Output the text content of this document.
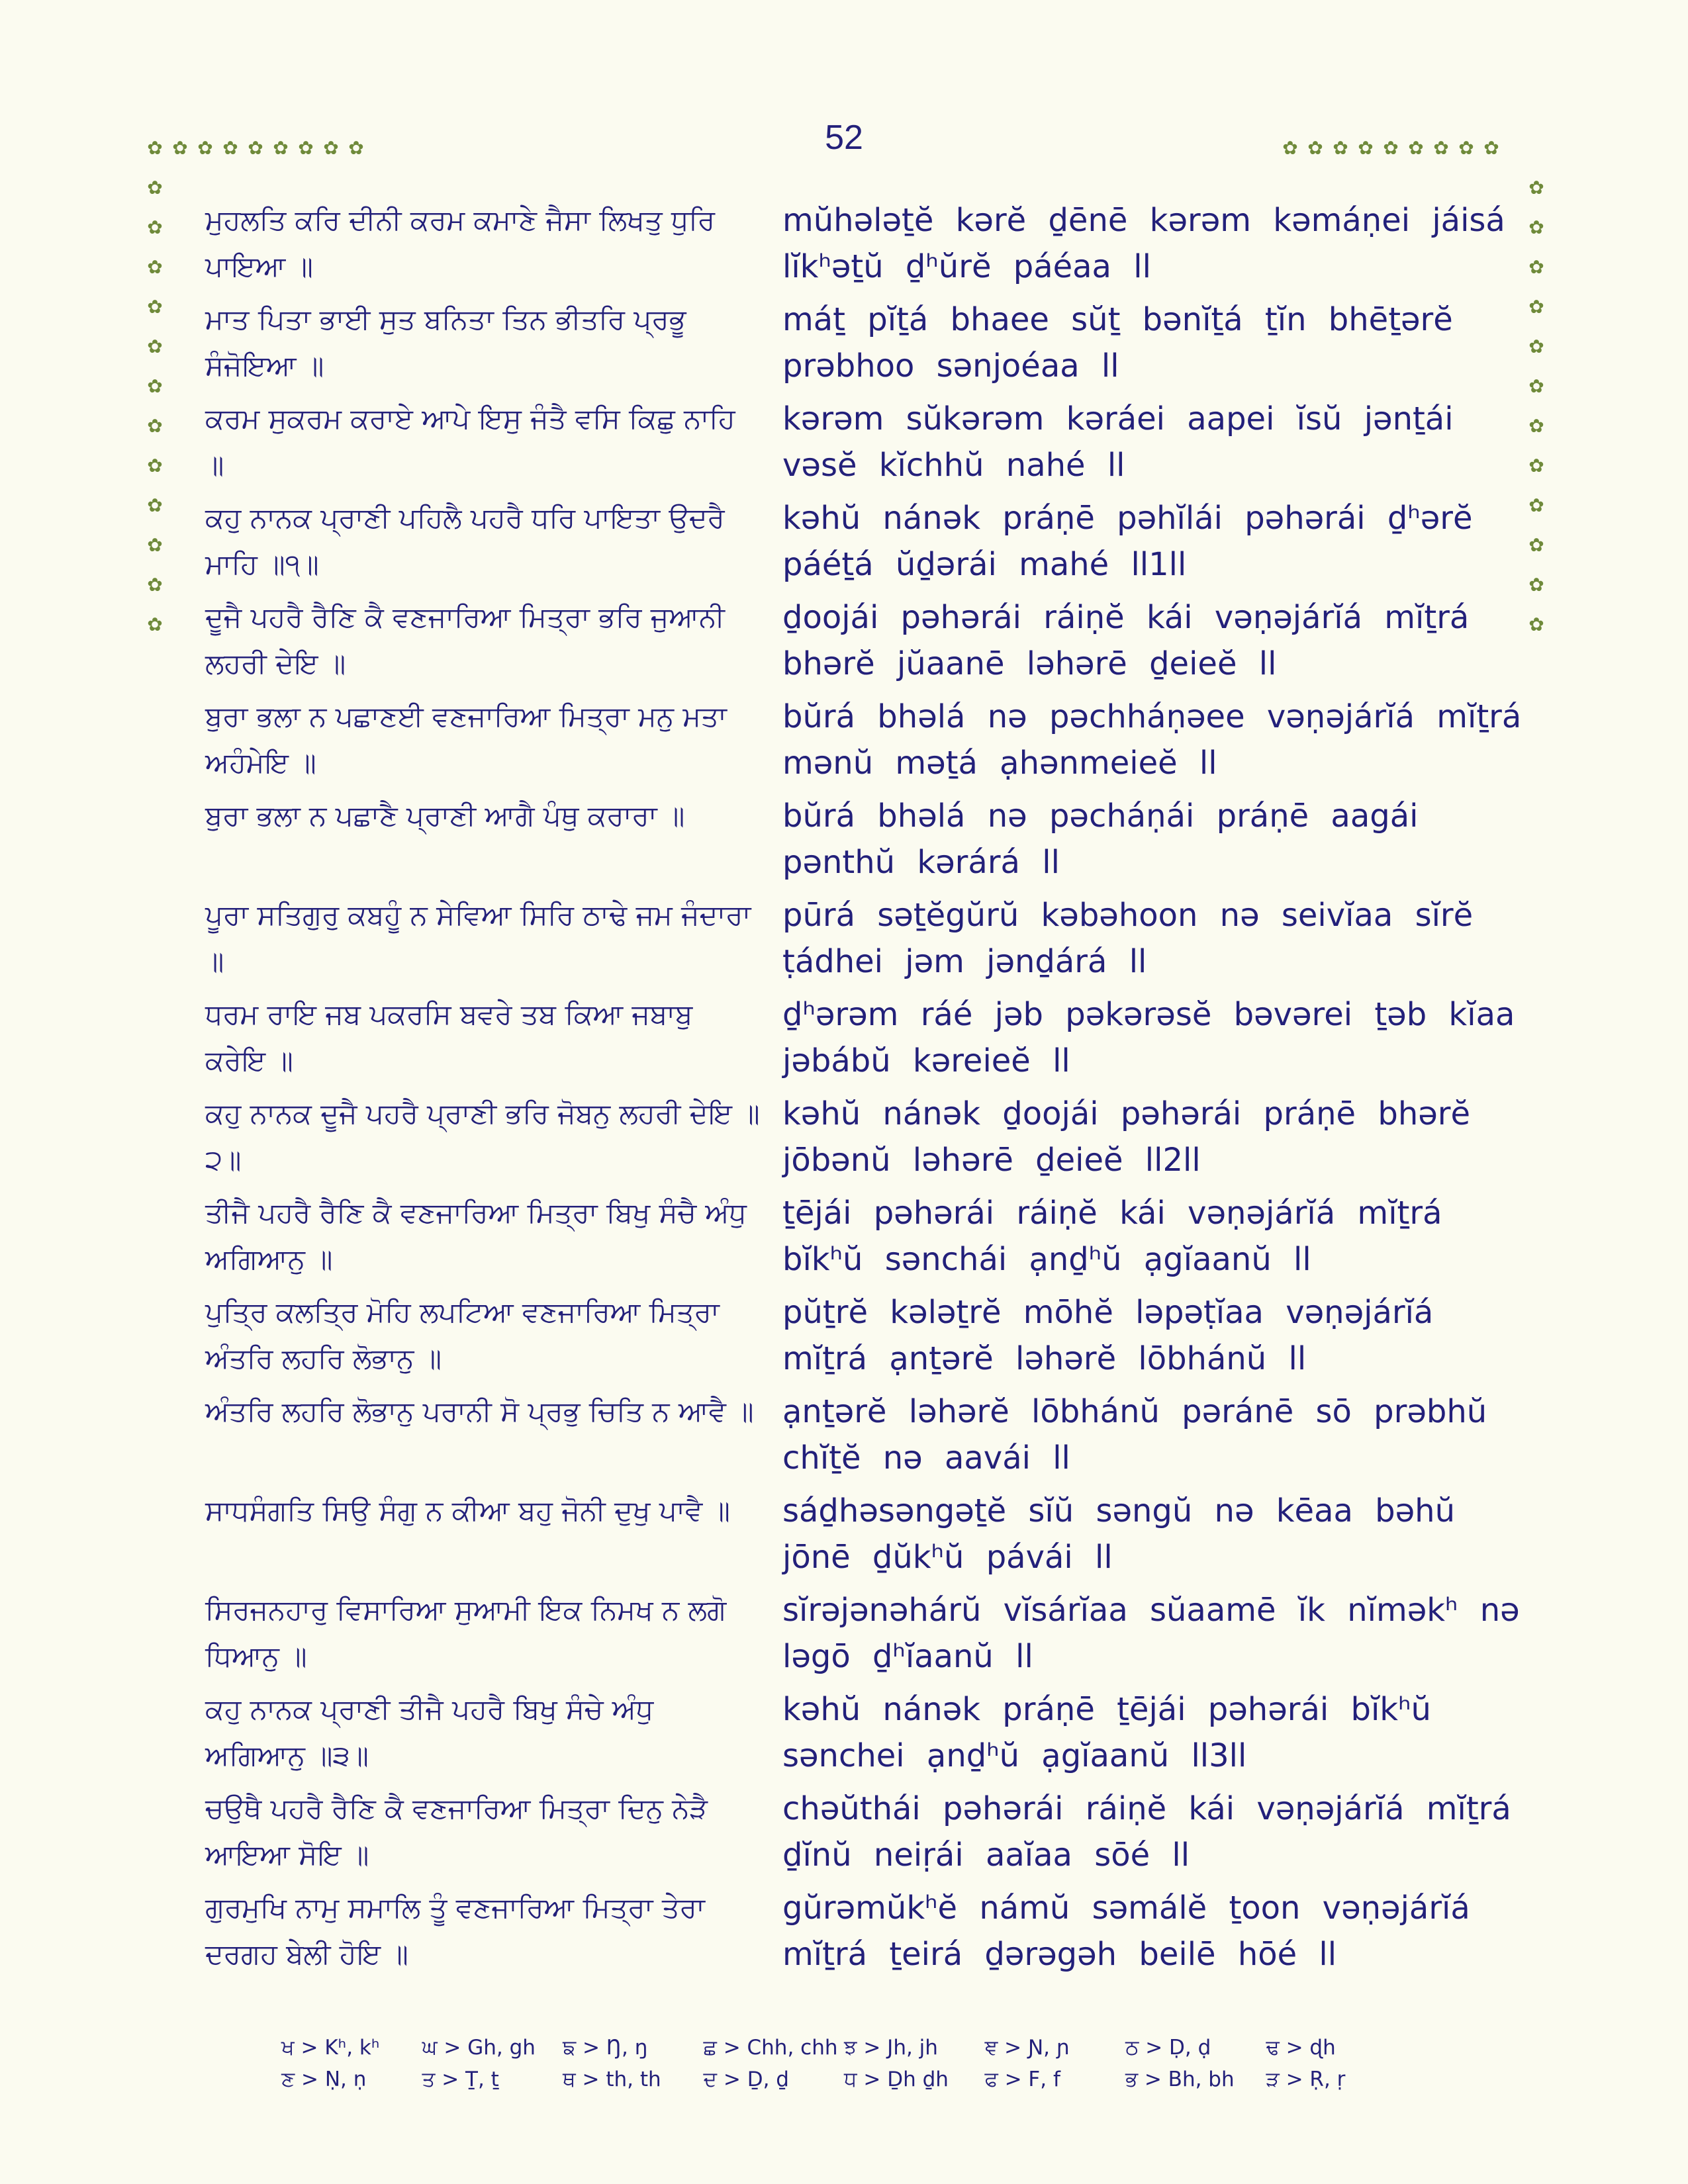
52
✿ ✿ ✿ ✿ ✿ ✿ ✿ ✿ ✿	✿ ✿ ✿ ✿ ✿ ✿ ✿ ✿ ✿
✿
✿
✿
✿
✿
✿
✿
✿
✿
✿
✿
✿
✿
✿
✿
✿
✿
✿
✿
✿
✿
✿
✿
✿
ਮੁਹਲਤਿ ਕਰਿ ਦੀਨੀ ਕਰਮ ਕਮਾਣੇ ਜੈਸਾ ਲਿਖਤੁ ਧੁਰਿ ਪਾਇਆ ॥
mŭhələṯĕ kərĕ ḏēnē kərəm kəmáṇei jáisá lĭkʰəṯŭ ḏʰŭrĕ páéaa ll
ਮਾਤ ਪਿਤਾ ਭਾਈ ਸੁਤ ਬਨਿਤਾ ਤਿਨ ਭੀਤਰਿ ਪ੍ਰਭੂ ਸੰਜੋਇਆ ॥
máṯ pĭṯá bhaee sŭṯ bənĭṯá ṯĭn bhēṯərĕ prəbhoo sənjoéaa ll
ਕਰਮ ਸੁਕਰਮ ਕਰਾਏ ਆਪੇ ਇਸੁ ਜੰਤੈ ਵਸਿ ਕਿਛੁ ਨਾਹਿ ॥
kərəm sŭkərəm kəráei aapei ĭsŭ jənṯái vəsĕ kĭchhŭ nahé ll
ਕਹੁ ਨਾਨਕ ਪ੍ਰਾਣੀ ਪਹਿਲੈ ਪਹਰੈ ਧਰਿ ਪਾਇਤਾ ਉਦਰੈ ਮਾਹਿ ॥੧॥
kəhŭ nánək práṇē pəhĭlái pəhərái ḏʰərĕ páéṯá ŭḏərái mahé ll1ll
ਦੂਜੈ ਪਹਰੈ ਰੈਣਿ ਕੈ ਵਣਜਾਰਿਆ ਮਿਤ੍ਰਾ ਭਰਿ ਜੁਆਨੀ ਲਹਰੀ ਦੇਇ ॥
ḏoojái pəhərái ráiṇĕ kái vəṇəjárĭá mĭṯrá bhərĕ jŭaanē ləhərē ḏeieĕ ll
ਬੁਰਾ ਭਲਾ ਨ ਪਛਾਣਈ ਵਣਜਾਰਿਆ ਮਿਤ੍ਰਾ ਮਨੁ ਮਤਾ ਅਹੰਮੇਇ ॥
bŭrá bhəlá nə pəchháṇəee vəṇəjárĭá mĭṯrá mənŭ məṯá ạhənmeieĕ ll
ਬੁਰਾ ਭਲਾ ਨ ਪਛਾਣੈ ਪ੍ਰਾਣੀ ਆਗੈ ਪੰਥੁ ਕਰਾਰਾ ॥	bŭrá bhəlá nə pəcháṇái práṇē aagái pənthŭ kərárá ll
ਪੂਰਾ ਸਤਿਗੁਰੁ ਕਬਹੂੰ ਨ ਸੇਵਿਆ ਸਿਰਿ ਠਾਢੇ ਜਮ ਜੰਦਾਰਾ ॥
pūrá səṯĕgŭrŭ kəbəhoon nə seivĭaa sĭrĕ ṭádhei jəm jənḏárá ll
ਧਰਮ ਰਾਇ ਜਬ ਪਕਰਸਿ ਬਵਰੇ ਤਬ ਕਿਆ ਜਬਾਬੁ ਕਰੇਇ ॥
ḏʰərəm ráé jəb pəkərəsĕ bəvərei ṯəb kĭaa jəbábŭ kəreieĕ ll
ਕਹੁ ਨਾਨਕ ਦੂਜੈ ਪਹਰੈ ਪ੍ਰਾਣੀ ਭਰਿ ਜੋਬਨੁ ਲਹਰੀ ਦੇਇ ॥੨॥
kəhŭ nánək ḏoojái pəhərái práṇē bhərĕ jōbənŭ ləhərē ḏeieĕ ll2ll
ਤੀਜੈ ਪਹਰੈ ਰੈਣਿ ਕੈ ਵਣਜਾਰਿਆ ਮਿਤ੍ਰਾ ਬਿਖੁ ਸੰਚੈ ਅੰਧੁ ਅਗਿਆਨੁ ॥
ṯējái pəhərái ráiṇĕ kái vəṇəjárĭá mĭṯrá bĭkʰŭ sənchái ạnḏʰŭ ạgĭaanŭ ll
ਪੁਤ੍ਰਿ ਕਲਤ੍ਰਿ ਮੋਹਿ ਲਪਟਿਆ ਵਣਜਾਰਿਆ ਮਿਤ੍ਰਾ ਅੰਤਰਿ ਲਹਰਿ ਲੋਭਾਨੁ ॥
pŭṯrĕ kələṯrĕ mōhĕ ləpəṭĭaa vəṇəjárĭá mĭṯrá ạnṯərĕ ləhərĕ lōbhánŭ ll
ਅੰਤਰਿ ਲਹਰਿ ਲੋਭਾਨੁ ਪਰਾਨੀ ਸੋ ਪ੍ਰਭੁ ਚਿਤਿ ਨ ਆਵੈ ॥ ạnṯərĕ ləhərĕ lōbhánŭ pəránē sō prəbhŭ chĭṯĕ nə aavái ll
ਸਾਧਸੰਗਤਿ ਸਿਉ ਸੰਗੁ ਨ ਕੀਆ ਬਹੁ ਜੋਨੀ ਦੁਖੁ ਪਾਵੈ ॥	sáḏhəsəngəṯĕ sĭŭ səngŭ nə kēaa bəhŭ jōnē ḏŭkʰŭ pávái ll
ਸਿਰਜਨਹਾਰੁ ਵਿਸਾਰਿਆ ਸੁਆਮੀ ਇਕ ਨਿਮਖ ਨ ਲਗੋ ਧਿਆਨੁ ॥
sĭrəjənəhárŭ vĭsárĭaa sŭaamē ĭk nĭməkʰ nə ləgō ḏʰĭaanŭ ll
ਕਹੁ ਨਾਨਕ ਪ੍ਰਾਣੀ ਤੀਜੈ ਪਹਰੈ ਬਿਖੁ ਸੰਚੇ ਅੰਧੁ ਅਗਿਆਨੁ ॥੩॥
kəhŭ nánək práṇē ṯējái pəhərái bĭkʰŭ sənchei ạnḏʰŭ ạgĭaanŭ ll3ll
ਚਉਥੈ ਪਹਰੈ ਰੈਣਿ ਕੈ ਵਣਜਾਰਿਆ ਮਿਤ੍ਰਾ ਦਿਨੁ ਨੇੜੈ ਆਇਆ ਸੋਇ ॥
chəŭthái pəhərái ráiṇĕ kái vəṇəjárĭá mĭṯrá ḏĭnŭ neiṛái aaĭaa sōé ll
ਗੁਰਮੁਖਿ ਨਾਮੁ ਸਮਾਲਿ ਤੂੰ ਵਣਜਾਰਿਆ ਮਿਤ੍ਰਾ ਤੇਰਾ ਦਰਗਹ ਬੇਲੀ ਹੋਇ ॥
gŭrəmŭkʰĕ námŭ səmálĕ ṯoon vəṇəjárĭá mĭṯrá ṯeirá ḏərəgəh beilē hōé ll
ਖ > Kʰ, kʰ	ਘ > Gh, gh	ਙ > Ŋ, ŋ	ਛ > Chh, chh ਝ > Jh, jh	ਞ > Ɲ, ɲ	ਠ > Ḍ, ḍ	ਢ > ɖh
ਣ > Ṇ, ṇ	ਤ > Ṯ, ṯ	ਥ > th, th	ਦ > Ḏ, ḏ	ਧ > Ḏh ḏh	ਫ > F, f	ਭ > Bh, bh	ੜ > Ṛ, ṛ
